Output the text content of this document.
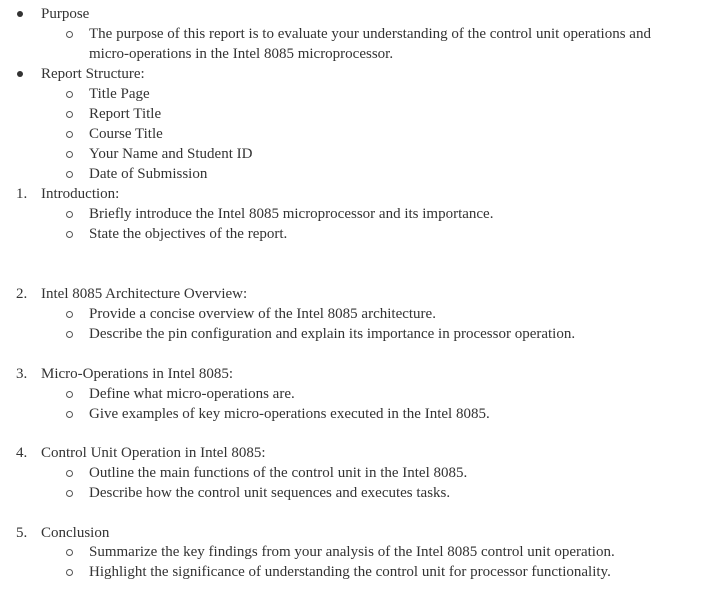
Purpose
The purpose of this report is to evaluate your understanding of the control unit operations and
micro-operations in the Intel 8085 microprocessor.
Report Structure:
Title Page
Report Title
Course Title
Your Name and Student ID
Date of Submission
1. Introduction:
Briefly introduce the Intel 8085 microprocessor and its importance.
State the objectives of the report.
2. Intel 8085 Architecture Overview:
Provide a concise overview of the Intel 8085 architecture.
Describe the pin configuration and explain its importance in processor operation.
3. Micro-Operations in Intel 8085:
Define what micro-operations are.
Give examples of key micro-operations executed in the Intel 8085.
4. Control Unit Operation in Intel 8085:
Outline the main functions of the control unit in the Intel 8085.
Describe how the control unit sequences and executes tasks.
5. Conclusion
Summarize the key findings from your analysis of the Intel 8085 control unit operation.
Highlight the significance of understanding the control unit for processor functionality.
